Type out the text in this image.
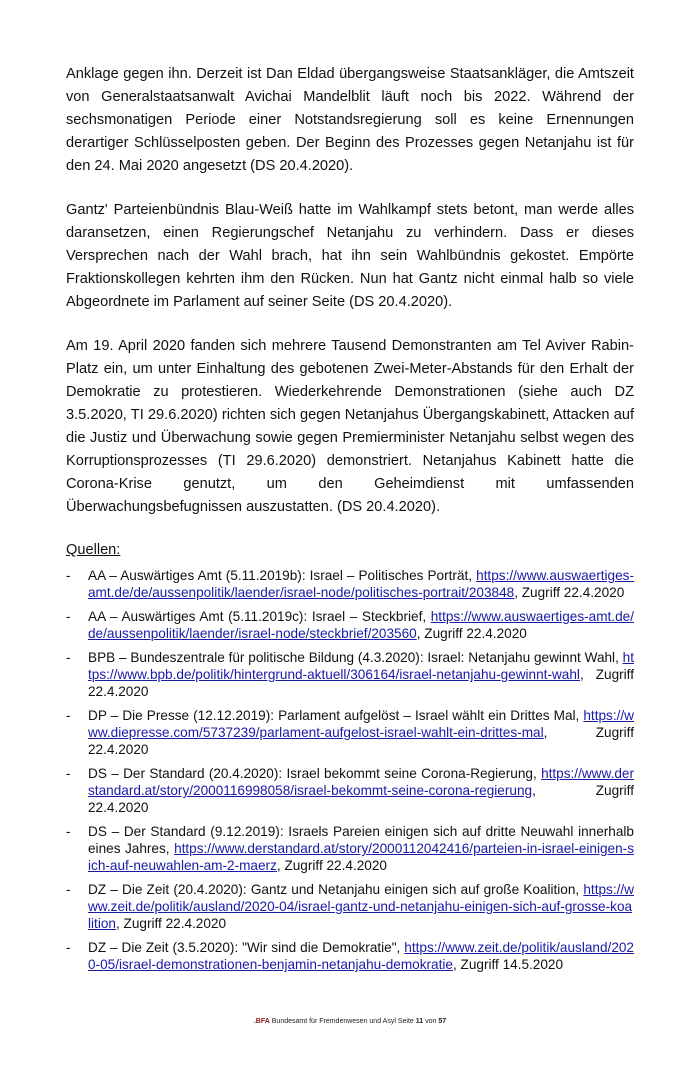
Anklage gegen ihn. Derzeit ist Dan Eldad übergangsweise Staatsankläger, die Amtszeit von Generalstaatsanwalt Avichai Mandelblit läuft noch bis 2022. Während der sechsmonatigen Periode einer Notstandsregierung soll es keine Ernennungen derartiger Schlüsselposten geben. Der Beginn des Prozesses gegen Netanjahu ist für den 24. Mai 2020 angesetzt (DS 20.4.2020).

Gantz' Parteienbündnis Blau-Weiß hatte im Wahlkampf stets betont, man werde alles daransetzen, einen Regierungschef Netanjahu zu verhindern. Dass er dieses Versprechen nach der Wahl brach, hat ihn sein Wahlbündnis gekostet. Empörte Fraktionskollegen kehrten ihm den Rücken. Nun hat Gantz nicht einmal halb so viele Abgeordnete im Parlament auf seiner Seite (DS 20.4.2020).

Am 19. April 2020 fanden sich mehrere Tausend Demonstranten am Tel Aviver Rabin-Platz ein, um unter Einhaltung des gebotenen Zwei-Meter-Abstands für den Erhalt der Demokratie zu protestieren. Wiederkehrende Demonstrationen (siehe auch DZ 3.5.2020, TI 29.6.2020) richten sich gegen Netanjahus Übergangskabinett, Attacken auf die Justiz und Überwachung sowie gegen Premierminister Netanjahu selbst wegen des Korruptionsprozesses (TI 29.6.2020) demonstriert. Netanjahus Kabinett hatte die Corona-Krise genutzt, um den Geheimdienst mit umfassenden Überwachungsbefugnissen auszustatten. (DS 20.4.2020).

Quellen:
- AA – Auswärtiges Amt (5.11.2019b): Israel – Politisches Porträt, https://www.auswaertiges-amt.de/de/aussenpolitik/laender/israel-node/politisches-portrait/203848, Zugriff 22.4.2020
- AA – Auswärtiges Amt (5.11.2019c): Israel – Steckbrief, https://www.auswaertiges-amt.de/de/aussenpolitik/laender/israel-node/steckbrief/203560, Zugriff 22.4.2020
- BPB – Bundeszentrale für politische Bildung (4.3.2020): Israel: Netanjahu gewinnt Wahl, https://www.bpb.de/politik/hintergrund-aktuell/306164/israel-netanjahu-gewinnt-wahl, Zugriff 22.4.2020
- DP – Die Presse (12.12.2019): Parlament aufgelöst – Israel wählt ein Drittes Mal, https://www.diepresse.com/5737239/parlament-aufgelost-israel-wahlt-ein-drittes-mal, Zugriff 22.4.2020
- DS – Der Standard (20.4.2020): Israel bekommt seine Corona-Regierung, https://www.derstandard.at/story/2000116998058/israel-bekommt-seine-corona-regierung, Zugriff 22.4.2020
- DS – Der Standard (9.12.2019): Israels Pareien einigen sich auf dritte Neuwahl innerhalb eines Jahres, https://www.derstandard.at/story/2000112042416/parteien-in-israel-einigen-sich-auf-neuwahlen-am-2-maerz, Zugriff 22.4.2020
- DZ – Die Zeit (20.4.2020): Gantz und Netanjahu einigen sich auf große Koalition, https://www.zeit.de/politik/ausland/2020-04/israel-gantz-und-netanjahu-einigen-sich-auf-grosse-koalition, Zugriff 22.4.2020
- DZ – Die Zeit (3.5.2020): "Wir sind die Demokratie", https://www.zeit.de/politik/ausland/2020-05/israel-demonstrationen-benjamin-netanjahu-demokratie, Zugriff 14.5.2020
.BFA Bundesamt für Fremdenwesen und Asyl Seite 11 von 57
